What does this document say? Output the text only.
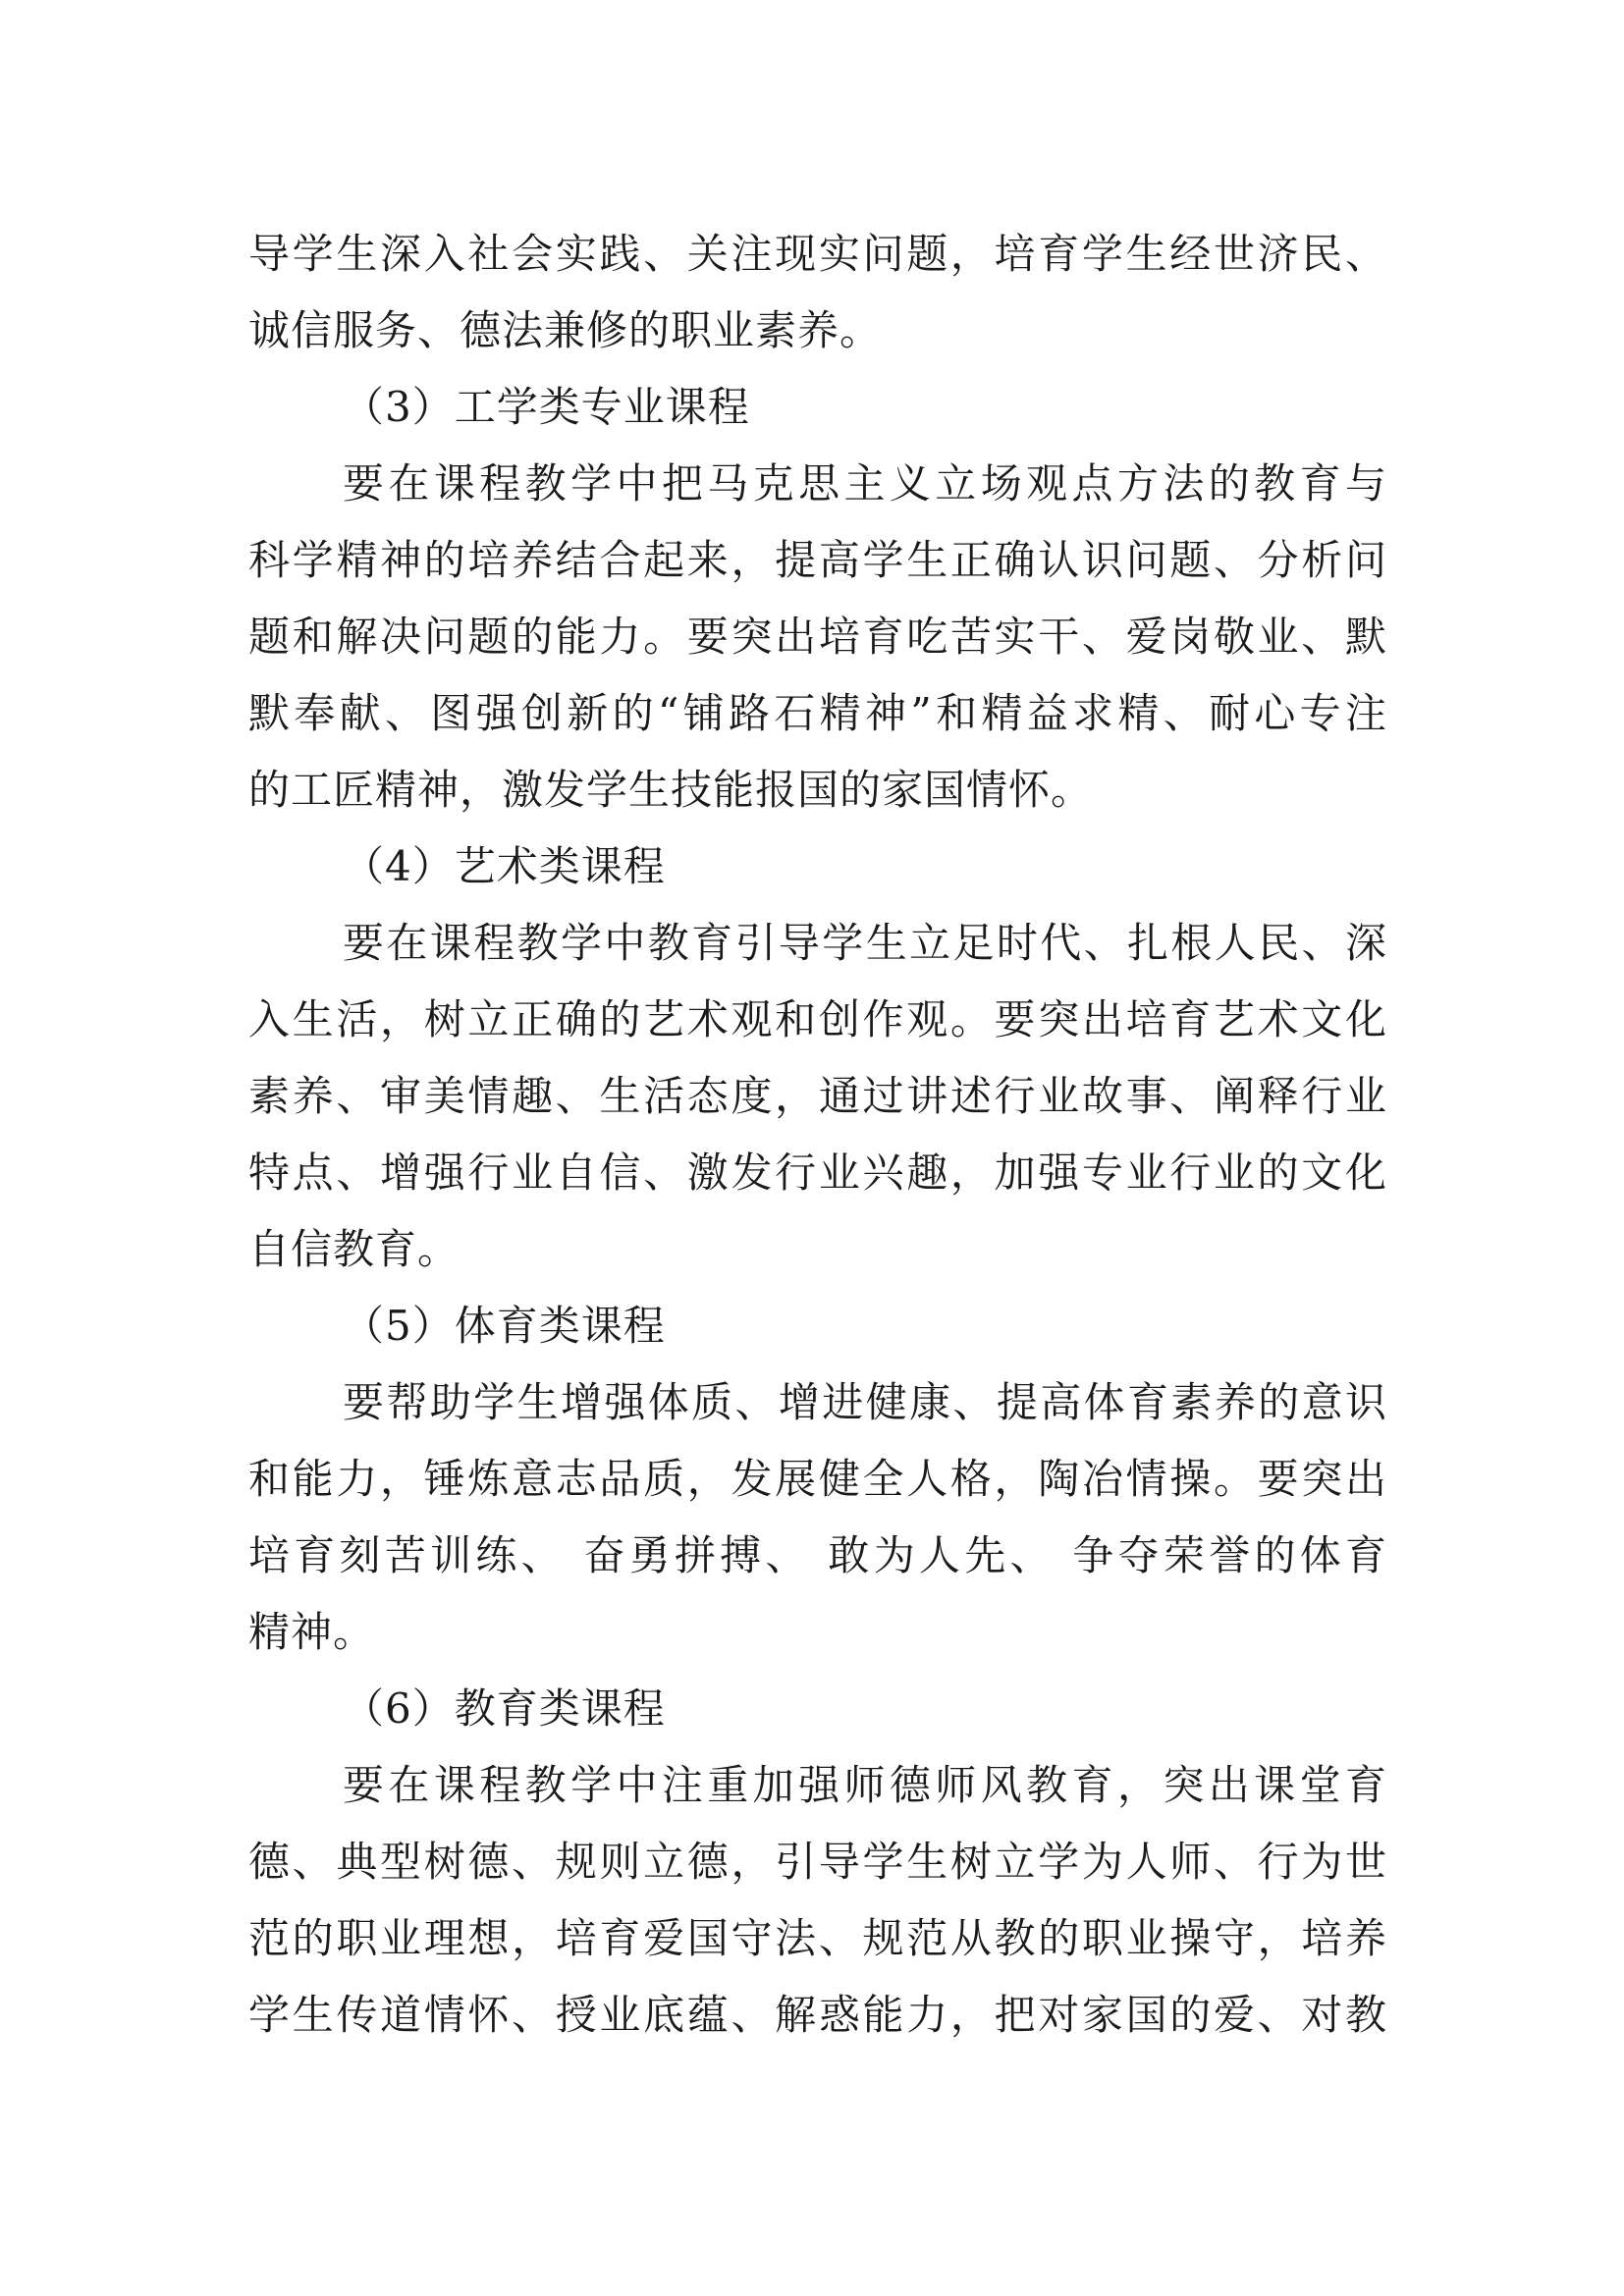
导学生深入社会实践、关注现实问题，培育学生经世济民、
诚信服务、德法兼修的职业素养。
（3）工学类专业课程
要在课程教学中把马克思主义立场观点方法的教育与
科学精神的培养结合起来，提高学生正确认识问题、分析问
题和解决问题的能力。要突出培育吃苦实干、爱岗敬业、默
默奉献、图强创新的“铺路石精神”和精益求精、耐心专注
的工匠精神，激发学生技能报国的家国情怀。
（4）艺术类课程
要在课程教学中教育引导学生立足时代、扎根人民、深
入生活，树立正确的艺术观和创作观。要突出培育艺术文化
素养、审美情趣、生活态度，通过讲述行业故事、阐释行业
特点、增强行业自信、激发行业兴趣，加强专业行业的文化
自信教育。
（5）体育类课程
要帮助学生增强体质、增进健康、提高体育素养的意识
和能力，锤炼意志品质，发展健全人格，陶冶情操。要突出
培育刻苦训练、 奋勇拼搏、 敢为人先、 争夺荣誉的体育
精神。
（6）教育类课程
要在课程教学中注重加强师德师风教育，突出课堂育
德、典型树德、规则立德，引导学生树立学为人师、行为世
范的职业理想，培育爱国守法、规范从教的职业操守，培养
学生传道情怀、授业底蕴、解惑能力，把对家国的爱、对教
